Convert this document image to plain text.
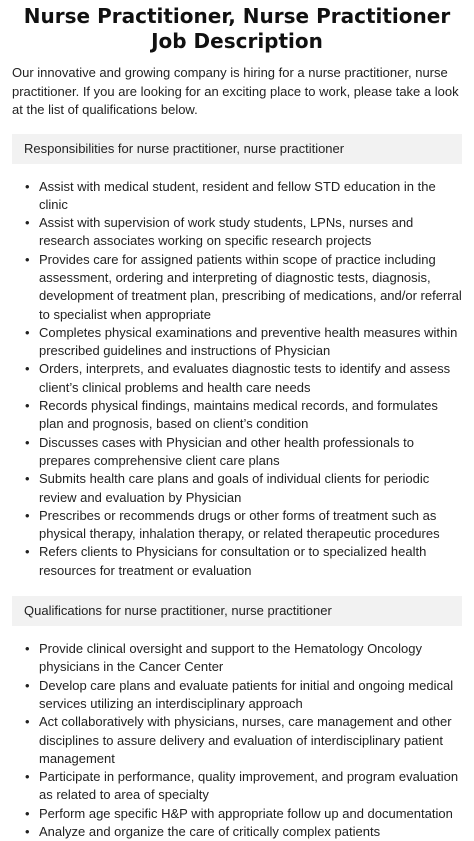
Nurse Practitioner, Nurse Practitioner Job Description

Our innovative and growing company is hiring for a nurse practitioner, nurse practitioner. If you are looking for an exciting place to work, please take a look at the list of qualifications below.

Responsibilities for nurse practitioner, nurse practitioner
• Assist with medical student, resident and fellow STD education in the clinic
• Assist with supervision of work study students, LPNs, nurses and research associates working on specific research projects
• Provides care for assigned patients within scope of practice including assessment, ordering and interpreting of diagnostic tests, diagnosis, development of treatment plan, prescribing of medications, and/or referral to specialist when appropriate
• Completes physical examinations and preventive health measures within prescribed guidelines and instructions of Physician
• Orders, interprets, and evaluates diagnostic tests to identify and assess client’s clinical problems and health care needs
• Records physical findings, maintains medical records, and formulates plan and prognosis, based on client’s condition
• Discusses cases with Physician and other health professionals to prepares comprehensive client care plans
• Submits health care plans and goals of individual clients for periodic review and evaluation by Physician
• Prescribes or recommends drugs or other forms of treatment such as physical therapy, inhalation therapy, or related therapeutic procedures
• Refers clients to Physicians for consultation or to specialized health resources for treatment or evaluation
Qualifications for nurse practitioner, nurse practitioner
• Provide clinical oversight and support to the Hematology Oncology physicians in the Cancer Center
• Develop care plans and evaluate patients for initial and ongoing medical services utilizing an interdisciplinary approach
• Act collaboratively with physicians, nurses, care management and other disciplines to assure delivery and evaluation of interdisciplinary patient management
• Participate in performance, quality improvement, and program evaluation as related to area of specialty
• Perform age specific H&P with appropriate follow up and documentation
• Analyze and organize the care of critically complex patients
